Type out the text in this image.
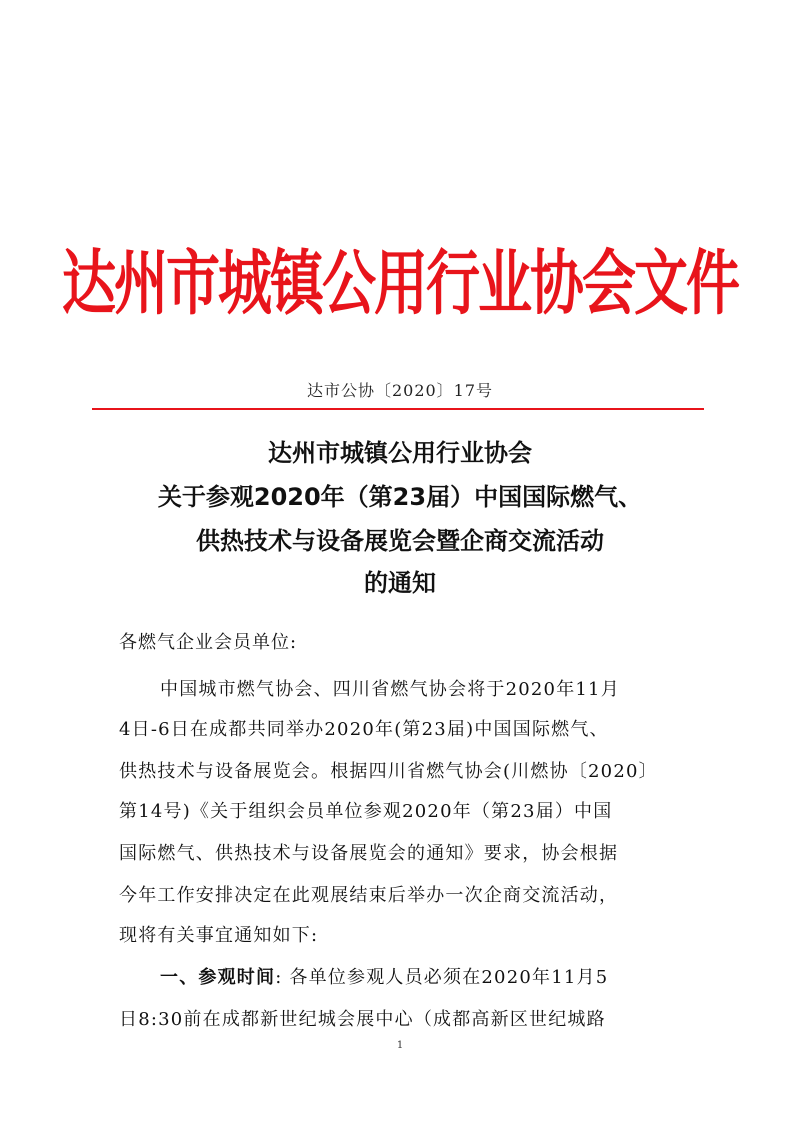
达州市城镇公用行业协会文件
达市公协〔2020〕17号
达州市城镇公用行业协会
关于参观2020年（第23届）中国国际燃气、
供热技术与设备展览会暨企商交流活动
的通知
各燃气企业会员单位:
中国城市燃气协会、四川省燃气协会将于2020年11月
4日-6日在成都共同举办2020年(第23届)中国国际燃气、
供热技术与设备展览会。根据四川省燃气协会(川燃协〔2020〕
第14号)《关于组织会员单位参观2020年（第23届）中国
国际燃气、供热技术与设备展览会的通知》要求，协会根据
今年工作安排决定在此观展结束后举办一次企商交流活动，
现将有关事宜通知如下:
一、参观时间: 各单位参观人员必须在2020年11月5
日8:30前在成都新世纪城会展中心（成都高新区世纪城路
1
